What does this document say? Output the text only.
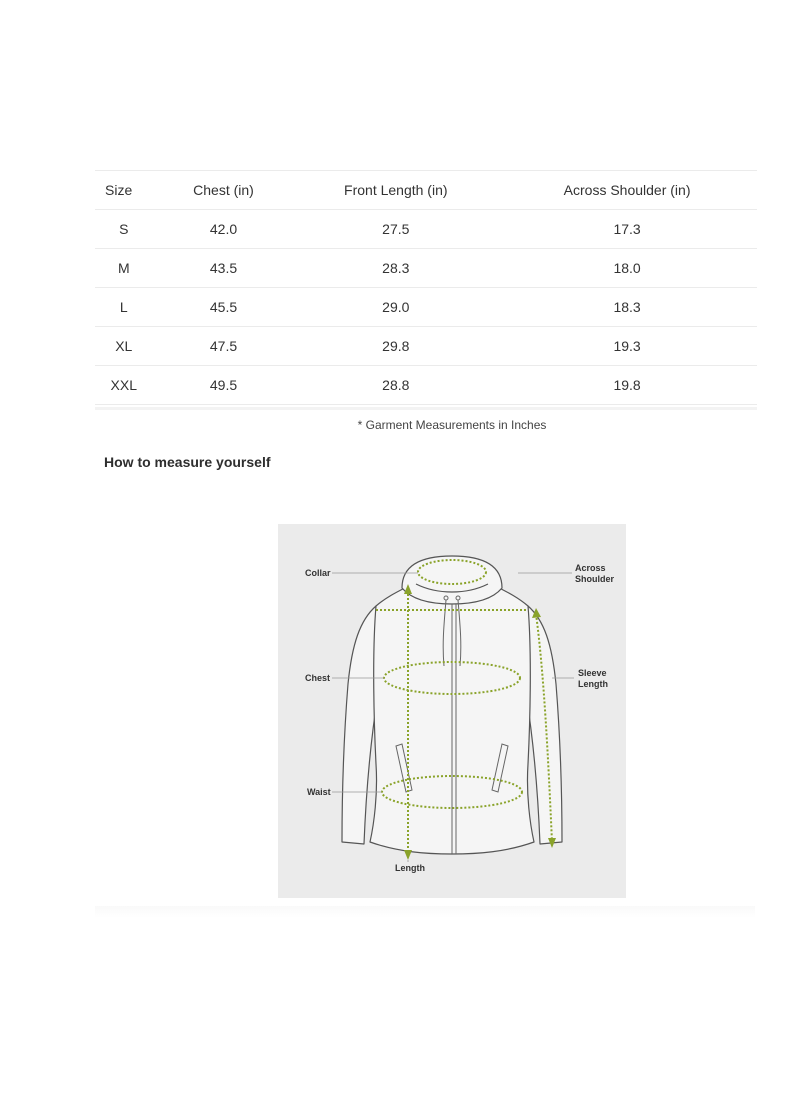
Size	Chest (in)	Front Length (in)	Across Shoulder (in)
S	42.0	27.5	17.3
M	43.5	28.3	18.0
L	45.5	29.0	18.3
XL	47.5	29.8	19.3
XXL	49.5	28.8	19.8
* Garment Measurements in Inches
How to measure yourself
Collar	Across
Shoulder
Chest	Sleeve
Length
Waist
Length
